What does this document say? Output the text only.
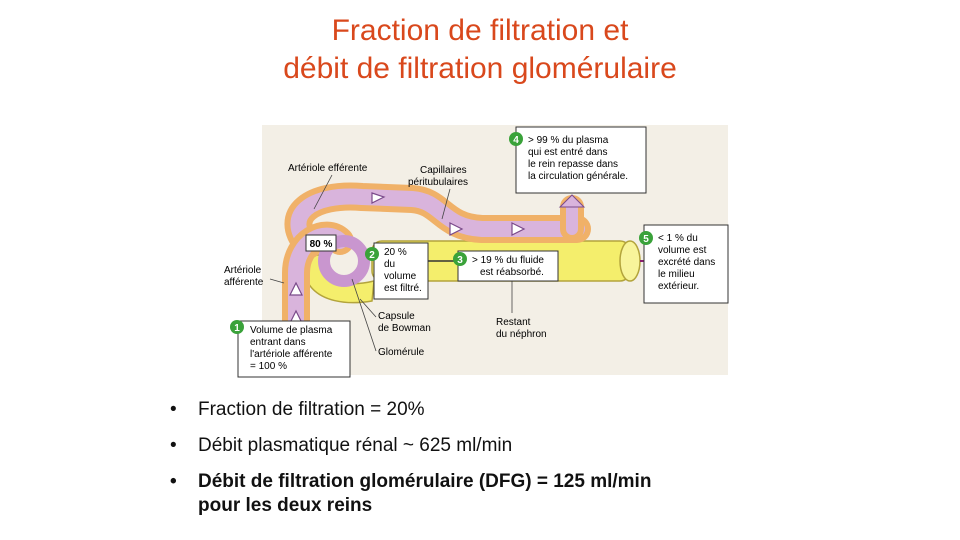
Fraction de filtration et
débit de filtration glomérulaire
80 %
Artériole efférente	Capillaires
péritubulaires
Artériole
afférente
Capsule
de Bowman
Glomérule
Restant
du néphron
1 Volume de plasma
entrant dans
l'artériole afférente
= 100 %
2 20 %
du
volume
est filtré.
3 > 19 % du fluide
est réabsorbé.
4 > 99 % du plasma
qui est entré dans
le rein repasse dans
la circulation générale.
5 < 1 % du
volume est
excrété dans
le milieu
extérieur.
• Fraction de filtration = 20%
• Débit plasmatique rénal ~ 625 ml/min
• Débit de filtration glomérulaire (DFG) = 125 ml/min
pour les deux reins
